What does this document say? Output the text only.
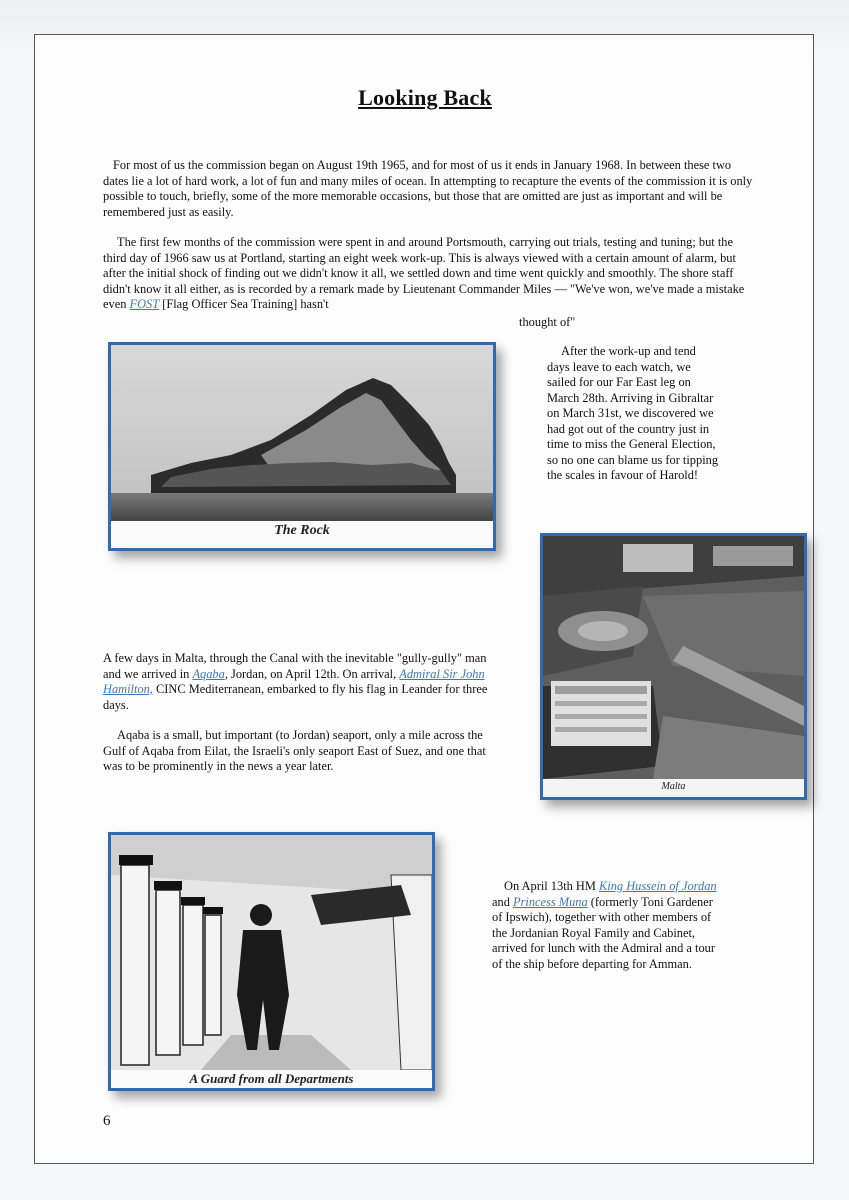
Looking Back

For most of us the commission began on August 19th 1965, and for most of us it ends in January 1968. In between these two dates lie a lot of hard work, a lot of fun and many miles of ocean. In attempting to recapture the events of the commission it is only possible to touch, briefly, some of the more memorable occasions, but those that are omitted are just as important and will be remembered just as easily.

The first few months of the commission were spent in and around Portsmouth, carrying out trials, testing and tuning; but the third day of 1966 saw us at Portland, starting an eight week work-up. This is always viewed with a certain amount of alarm, but after the initial shock of finding out we didn't know it all, we settled down and time went quickly and smoothly. The shore staff didn't know it all either, as is recorded by a remark made by Lieutenant Commander Miles — "We've won, we've made a mistake even FOST [Flag Officer Sea Training] hasn't

thought of"
The Rock

After the work-up and tend days leave to each watch, we sailed for our Far East leg on March 28th. Arriving in Gibraltar on March 31st, we discovered we had got out of the country just in time to miss the General Election, so no one can blame us for tipping the scales in favour of Harold!

Malta

A few days in Malta, through the Canal with the inevitable "gully-gully" man and we arrived in Aqaba, Jordan, on April 12th. On arrival, Admiral Sir John Hamilton, CINC Mediterranean, embarked to fly his flag in Leander for three days.

Aqaba is a small, but important (to Jordan) seaport, only a mile across the Gulf of Aqaba from Eilat, the Israeli's only seaport East of Suez, and one that was to be prominently in the news a year later.

A Guard from all Departments

On April 13th HM King Hussein of Jordan and Princess Muna (formerly Toni Gardener of Ipswich), together with other members of the Jordanian Royal Family and Cabinet, arrived for lunch with the Admiral and a tour of the ship before departing for Amman.

6
